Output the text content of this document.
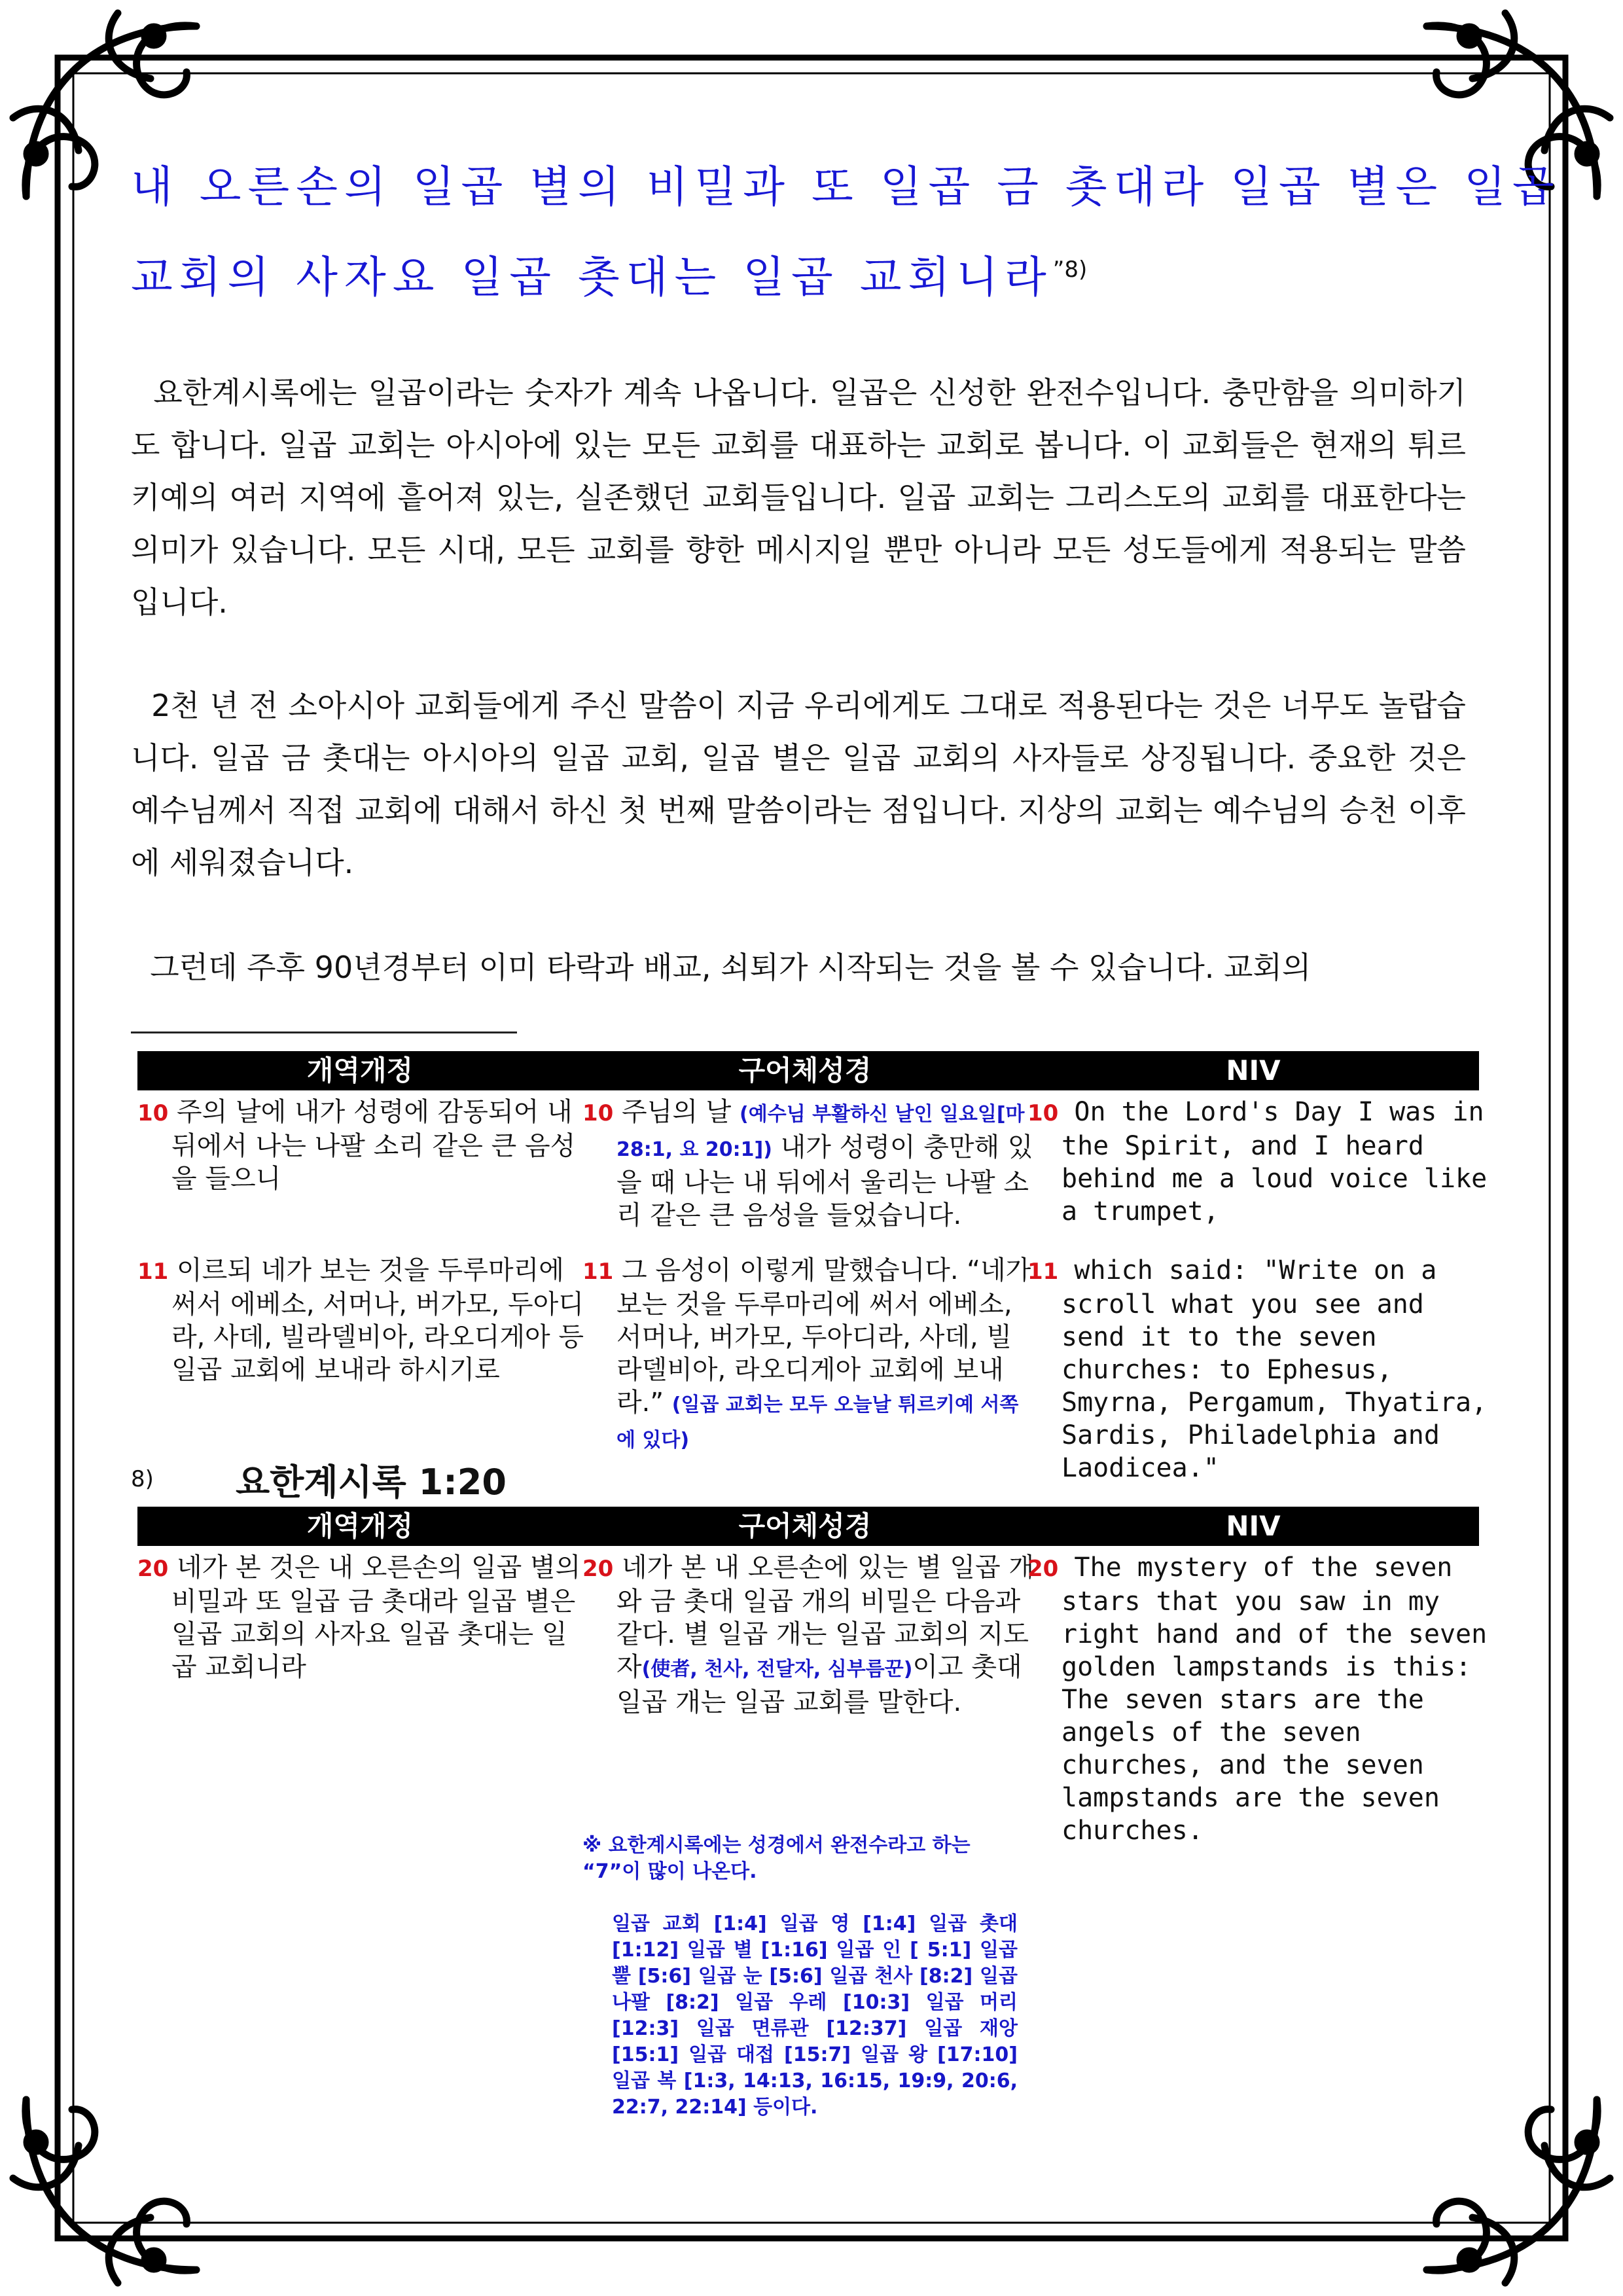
내 오른손의 일곱 별의 비밀과 또 일곱 금 촛대라 일곱 별은 일곱
교회의 사자요 일곱 촛대는 일곱 교회니라$^{”8)}$
요한계시록에는 일곱이라는 숫자가 계속 나옵니다. 일곱은 신성한 완전수입니다. 충만함을 의미하기도 합니다. 일곱 교회는 아시아에 있는 모든 교회를 대표하는 교회로 봅니다. 이 교회들은 현재의 튀르키예의 여러 지역에 흩어져 있는, 실존했던 교회들입니다. 일곱 교회는 그리스도의 교회를 대표한다는 의미가 있습니다. 모든 시대, 모든 교회를 향한 메시지일 뿐만 아니라 모든 성도들에게 적용되는 말씀입니다.
2천 년 전 소아시아 교회들에게 주신 말씀이 지금 우리에게도 그대로 적용된다는 것은 너무도 놀랍습니다. 일곱 금 촛대는 아시아의 일곱 교회, 일곱 별은 일곱 교회의 사자들로 상징됩니다. 중요한 것은 예수님께서 직접 교회에 대해서 하신 첫 번째 말씀이라는 점입니다. 지상의 교회는 예수님의 승천 이후에 세워졌습니다.
그런데 주후 90년경부터 이미 타락과 배교, 쇠퇴가 시작되는 것을 볼 수 있습니다. 교회의
개역개정	구어체성경	NIV
10 주의 날에 내가 성령에 감동되어 내 뒤에서 나는 나팔 소리 같은 큰 음성을 들으니
10 주님의 날 (예수님 부활하신 날인 일요일[마 28:1, 요 20:1]) 내가 성령이 충만해 있을 때 나는 내 뒤에서 울리는 나팔 소리 같은 큰 음성을 들었습니다.
10 On the Lord's Day I was in the Spirit, and I heard behind me a loud voice like a trumpet,
11 이르되 네가 보는 것을 두루마리에 써서 에베소, 서머나, 버가모, 두아디라, 사데, 빌라델비아, 라오디게아 등 일곱 교회에 보내라 하시기로
11 그 음성이 이렇게 말했습니다. “네가 보는 것을 두루마리에 써서 에베소, 서머나, 버가모, 두아디라, 사데, 빌라델비아, 라오디게아 교회에 보내라.” (일곱 교회는 모두 오늘날 튀르키예 서쪽에 있다)
11 which said: "Write on a scroll what you see and send it to the seven churches: to Ephesus, Smyrna, Pergamum, Thyatira, Sardis, Philadelphia and Laodicea."
8) 요한계시록 1:20
개역개정	구어체성경	NIV
20 네가 본 것은 내 오른손의 일곱 별의 비밀과 또 일곱 금 촛대라 일곱 별은 일곱 교회의 사자요 일곱 촛대는 일곱 교회니라
20 네가 본 내 오른손에 있는 별 일곱 개와 금 촛대 일곱 개의 비밀은 다음과 같다. 별 일곱 개는 일곱 교회의 지도자(使者, 천사, 전달자, 심부름꾼)이고 촛대 일곱 개는 일곱 교회를 말한다.
20 The mystery of the seven stars that you saw in my right hand and of the seven golden lampstands is this: The seven stars are the angels of the seven churches, and the seven lampstands are the seven churches.
※ 요한계시록에는 성경에서 완전수라고 하는 “7”이 많이 나온다.
일곱 교회 [1:4] 일곱 영 [1:4] 일곱 촛대 [1:12] 일곱 별 [1:16] 일곱 인 [ 5:1] 일곱 뿔 [5:6] 일곱 눈 [5:6] 일곱 천사 [8:2] 일곱 나팔 [8:2] 일곱 우레 [10:3] 일곱 머리 [12:3] 일곱 면류관 [12:37] 일곱 재앙 [15:1] 일곱 대접 [15:7] 일곱 왕 [17:10] 일곱 복 [1:3, 14:13, 16:15, 19:9, 20:6, 22:7, 22:14] 등이다.
